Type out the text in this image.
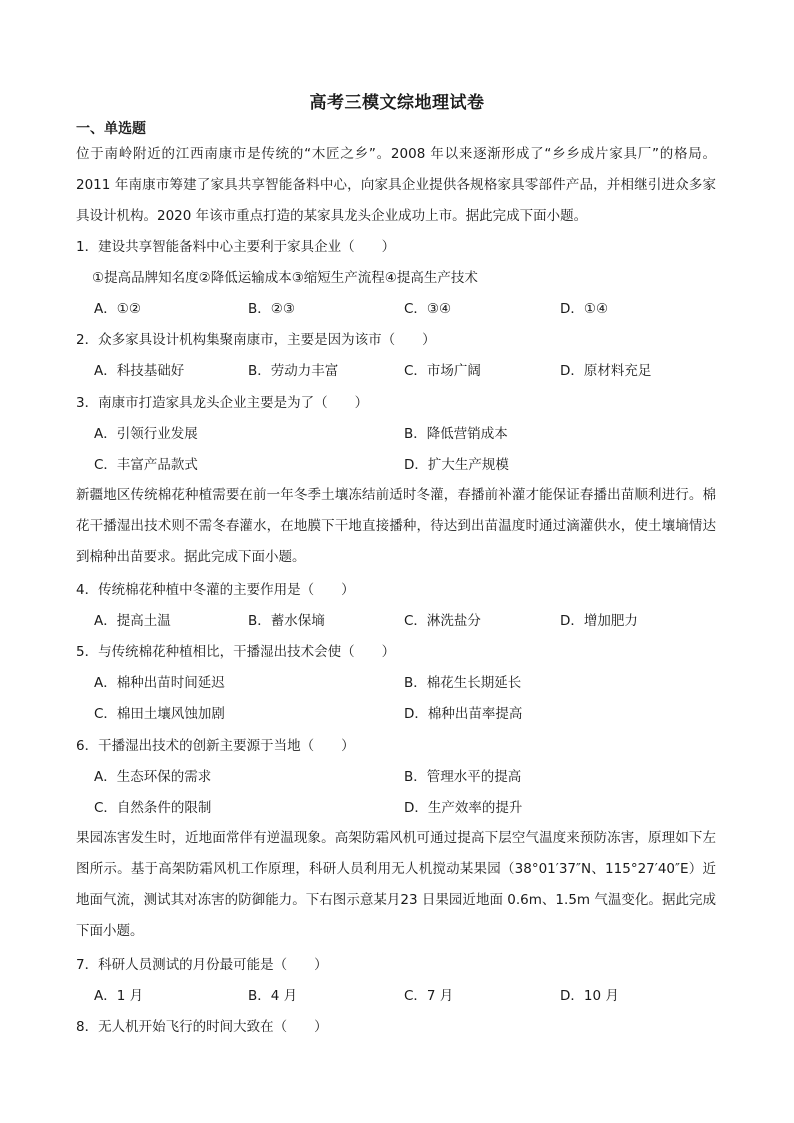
高考三模文综地理试卷
一、单选题
位于南岭附近的江西南康市是传统的“木匠之乡”。2008 年以来逐渐形成了“乡乡成片家具厂”的格局。2011 年南康市筹建了家具共享智能备料中心，向家具企业提供各规格家具零部件产品，并相继引进众多家具设计机构。2020 年该市重点打造的某家具龙头企业成功上市。据此完成下面小题。
1．建设共享智能备料中心主要利于家具企业（　　）
①提高品牌知名度②降低运输成本③缩短生产流程④提高生产技术
A．①②	B．②③	C．③④	D．①④
2．众多家具设计机构集聚南康市，主要是因为该市（　　）
A．科技基础好	B．劳动力丰富	C．市场广阔	D．原材料充足
3．南康市打造家具龙头企业主要是为了（　　）
A．引领行业发展	B．降低营销成本
C．丰富产品款式	D．扩大生产规模
新疆地区传统棉花种植需要在前一年冬季土壤冻结前适时冬灌，春播前补灌才能保证春播出苗顺利进行。棉花干播湿出技术则不需冬春灌水，在地膜下干地直接播种，待达到出苗温度时通过滴灌供水，使土壤墒情达到棉种出苗要求。据此完成下面小题。
4．传统棉花种植中冬灌的主要作用是（　　）
A．提高土温	B．蓄水保墒	C．淋洗盐分	D．增加肥力
5．与传统棉花种植相比，干播湿出技术会使（　　）
A．棉种出苗时间延迟	B．棉花生长期延长
C．棉田土壤风蚀加剧	D．棉种出苗率提高
6．干播湿出技术的创新主要源于当地（　　）
A．生态环保的需求	B．管理水平的提高
C．自然条件的限制	D．生产效率的提升
果园冻害发生时，近地面常伴有逆温现象。高架防霜风机可通过提高下层空气温度来预防冻害，原理如下左图所示。基于高架防霜风机工作原理，科研人员利用无人机搅动某果园（38°01′37″N、115°27′40″E）近地面气流，测试其对冻害的防御能力。下右图示意某月23 日果园近地面 0.6m、1.5m 气温变化。据此完成下面小题。
7．科研人员测试的月份最可能是（　　）
A．1 月	B．4 月	C．7 月	D．10 月
8．无人机开始飞行的时间大致在（　　）
